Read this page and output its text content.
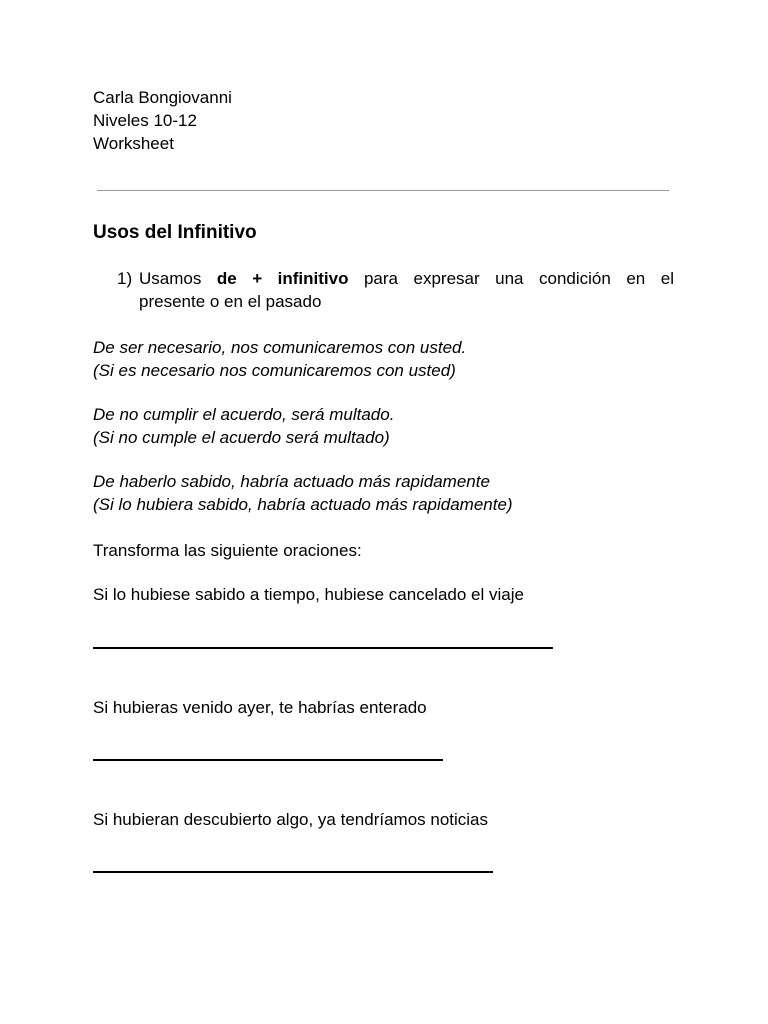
Carla Bongiovanni
Niveles 10-12
Worksheet
Usos del Infinitivo
1) Usamos de + infinitivo para expresar una condición en el
presente o en el pasado
De ser necesario, nos comunicaremos con usted.
(Si es necesario nos comunicaremos con usted)
De no cumplir el acuerdo, será multado.
(Si no cumple el acuerdo será multado)
De haberlo sabido, habría actuado más rapidamente
(Si lo hubiera sabido, habría actuado más rapidamente)
Transforma las siguiente oraciones:
Si lo hubiese sabido a tiempo, hubiese cancelado el viaje
Si hubieras venido ayer, te habrías enterado
Si hubieran descubierto algo, ya tendríamos noticias
